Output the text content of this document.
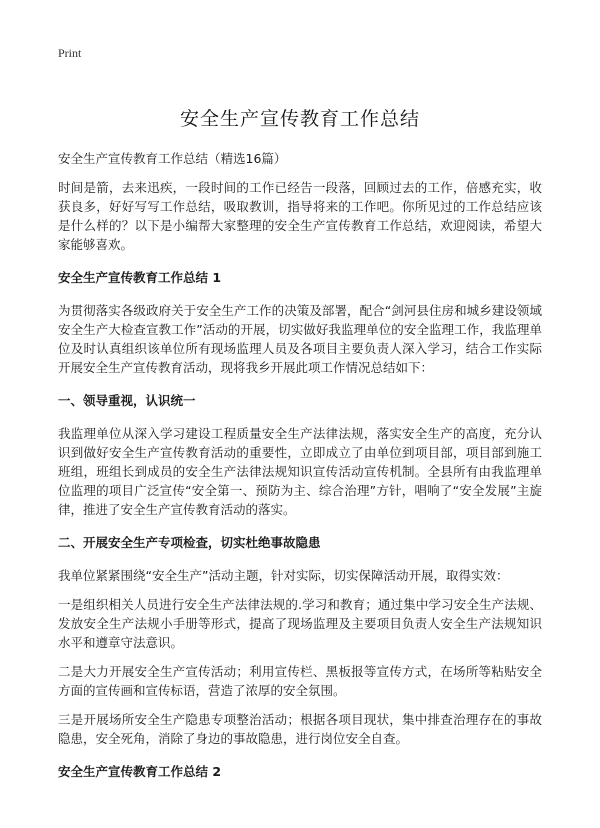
Print
安全生产宣传教育工作总结

安全生产宣传教育工作总结（精选16篇）

时间是箭，去来迅疾，一段时间的工作已经告一段落，回顾过去的工作，倍感充实，收获良多，好好写写工作总结，吸取教训，指导将来的工作吧。你所见过的工作总结应该是什么样的？以下是小编帮大家整理的安全生产宣传教育工作总结，欢迎阅读，希望大家能够喜欢。

安全生产宣传教育工作总结 1

为贯彻落实各级政府关于安全生产工作的决策及部署，配合“剑河县住房和城乡建设领域安全生产大检查宣教工作”活动的开展，切实做好我监理单位的安全监理工作，我监理单位及时认真组织该单位所有现场监理人员及各项目主要负责人深入学习，结合工作实际开展安全生产宣传教育活动，现将我乡开展此项工作情况总结如下：

一、领导重视，认识统一

我监理单位从深入学习建设工程质量安全生产法律法规，落实安全生产的高度，充分认识到做好安全生产宣传教育活动的重要性，立即成立了由单位到项目部，项目部到施工班组，班组长到成员的安全生产法律法规知识宣传活动宣传机制。全县所有由我监理单位监理的项目广泛宣传“安全第一、预防为主、综合治理”方针，唱响了“安全发展”主旋律，推进了安全生产宣传教育活动的落实。

二、开展安全生产专项检查，切实杜绝事故隐患

我单位紧紧围绕“安全生产”活动主题，针对实际，切实保障活动开展，取得实效：

一是组织相关人员进行安全生产法律法规的.学习和教育；通过集中学习安全生产法规、发放安全生产法规小手册等形式，提高了现场监理及主要项目负责人安全生产法规知识水平和遵章守法意识。

二是大力开展安全生产宣传活动；利用宣传栏、黑板报等宣传方式，在场所等粘贴安全方面的宣传画和宣传标语，营造了浓厚的安全氛围。

三是开展场所安全生产隐患专项整治活动；根据各项目现状，集中排查治理存在的事故隐患，安全死角，消除了身边的事故隐患，进行岗位安全自查。

安全生产宣传教育工作总结 2
